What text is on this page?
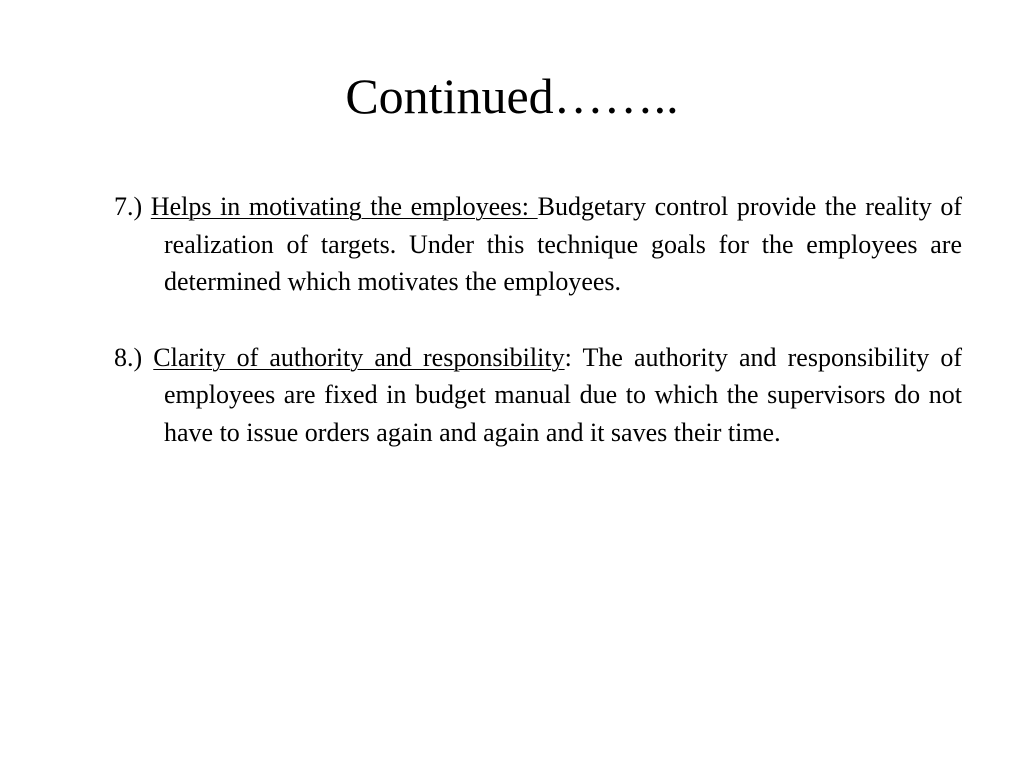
Continued……..

7.) Helps in motivating the employees: Budgetary control provide the reality of realization of targets. Under this technique goals for the employees are determined which motivates the employees.

8.) Clarity of authority and responsibility: The authority and responsibility of employees are fixed in budget manual due to which the supervisors do not have to issue orders again and again and it saves their time.
